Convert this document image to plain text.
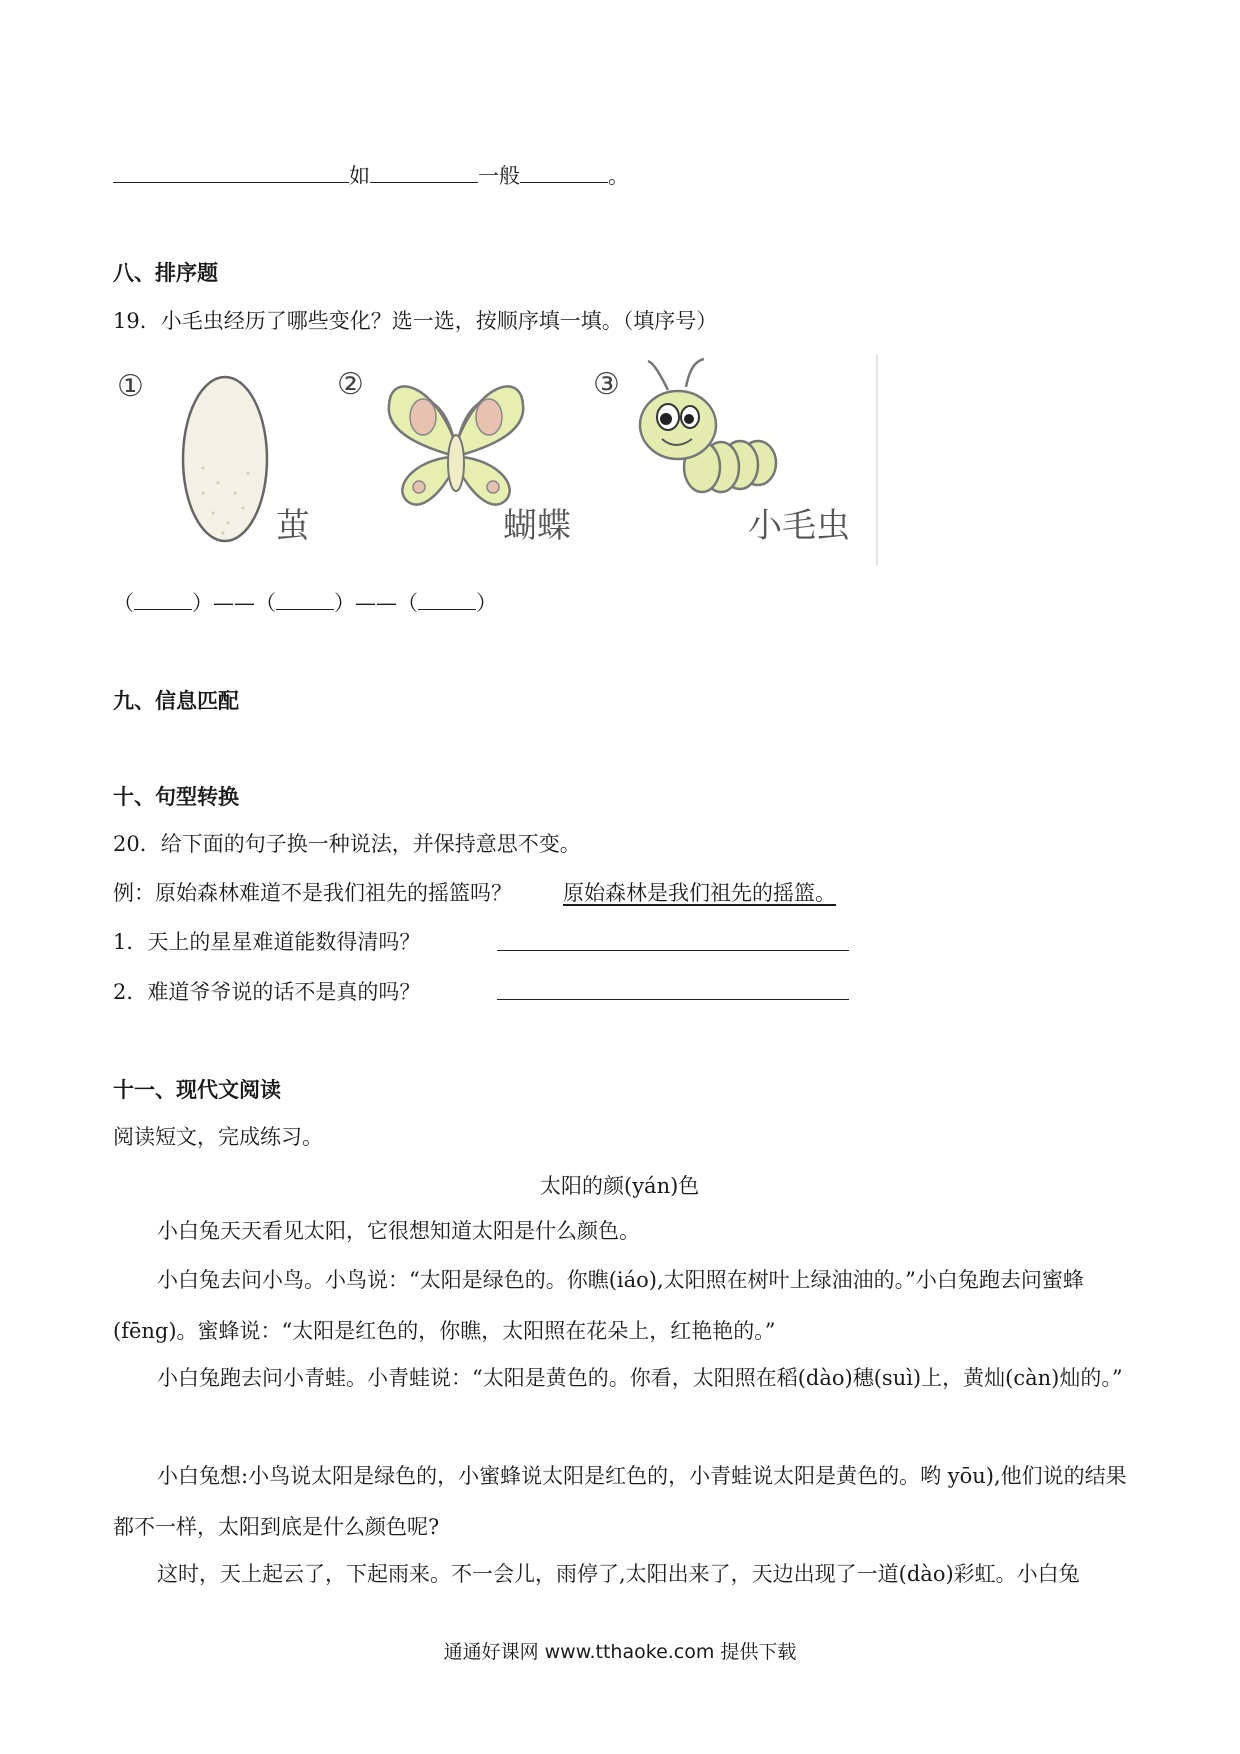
如	一般	。
八、排序题
19．小毛虫经历了哪些变化？选一选，按顺序填一填。（填序号）
①
茧
②
蝴蝶
③
小毛虫
（	）——（	）——（	）
九、信息匹配
十、句型转换
20．给下面的句子换一种说法，并保持意思不变。
例：原始森林难道不是我们祖先的摇篮吗？ 原始森林是我们祖先的摇篮。
1．天上的星星难道能数得清吗？
2．难道爷爷说的话不是真的吗？
十一、现代文阅读
阅读短文，完成练习。
太阳的颜(yán)色
小白兔天天看见太阳，它很想知道太阳是什么颜色。
小白兔去问小鸟。小鸟说：“太阳是绿色的。你瞧(iáo),太阳照在树叶上绿油油的。”小白兔跑去问蜜蜂(fēng)。蜜蜂说：“太阳是红色的，你瞧，太阳照在花朵上，红艳艳的。”
小白兔跑去问小青蛙。小青蛙说：“太阳是黄色的。你看，太阳照在稻(dào)穗(suì)上，黄灿(càn)灿的。”
小白兔想:小鸟说太阳是绿色的，小蜜蜂说太阳是红色的，小青蛙说太阳是黄色的。哟 yōu),他们说的结果都不一样，太阳到底是什么颜色呢?
这时，天上起云了，下起雨来。不一会儿，雨停了,太阳出来了，天边出现了一道(dào)彩虹。小白兔
通通好课网 www.tthaoke.com 提供下载
